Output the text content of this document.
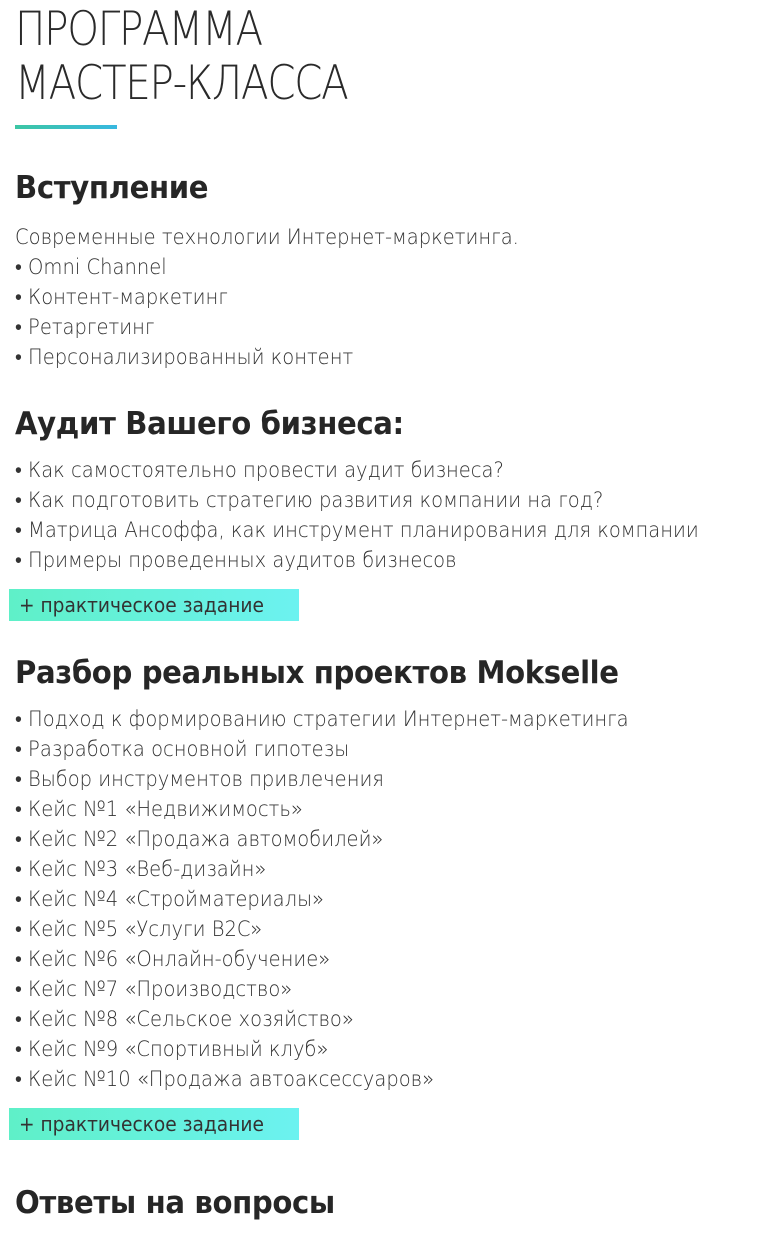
ПРОГРАММА
МАСТЕР-КЛАССА
Вступление
Современные технологии Интернет-маркетинга.
• Omni Channel
• Контент-маркетинг
• Ретаргетинг
• Персонализированный контент
Аудит Вашего бизнеса:
• Как самостоятельно провести аудит бизнеса?
• Как подготовить стратегию развития компании на год?
• Матрица Ансоффа, как инструмент планирования для компании
• Примеры проведенных аудитов бизнесов
+ практическое задание
Разбор реальных проектов Mokselle
• Подход к формированию стратегии Интернет-маркетинга
• Разработка основной гипотезы
• Выбор инструментов привлечения
• Кейс №1 «Недвижимость»
• Кейс №2 «Продажа автомобилей»
• Кейс №3 «Веб-дизайн»
• Кейс №4 «Стройматериалы»
• Кейс №5 «Услуги B2C»
• Кейс №6 «Онлайн-обучение»
• Кейс №7 «Производство»
• Кейс №8 «Сельское хозяйство»
• Кейс №9 «Спортивный клуб»
• Кейс №10 «Продажа автоаксессуаров»
+ практическое задание
Ответы на вопросы
